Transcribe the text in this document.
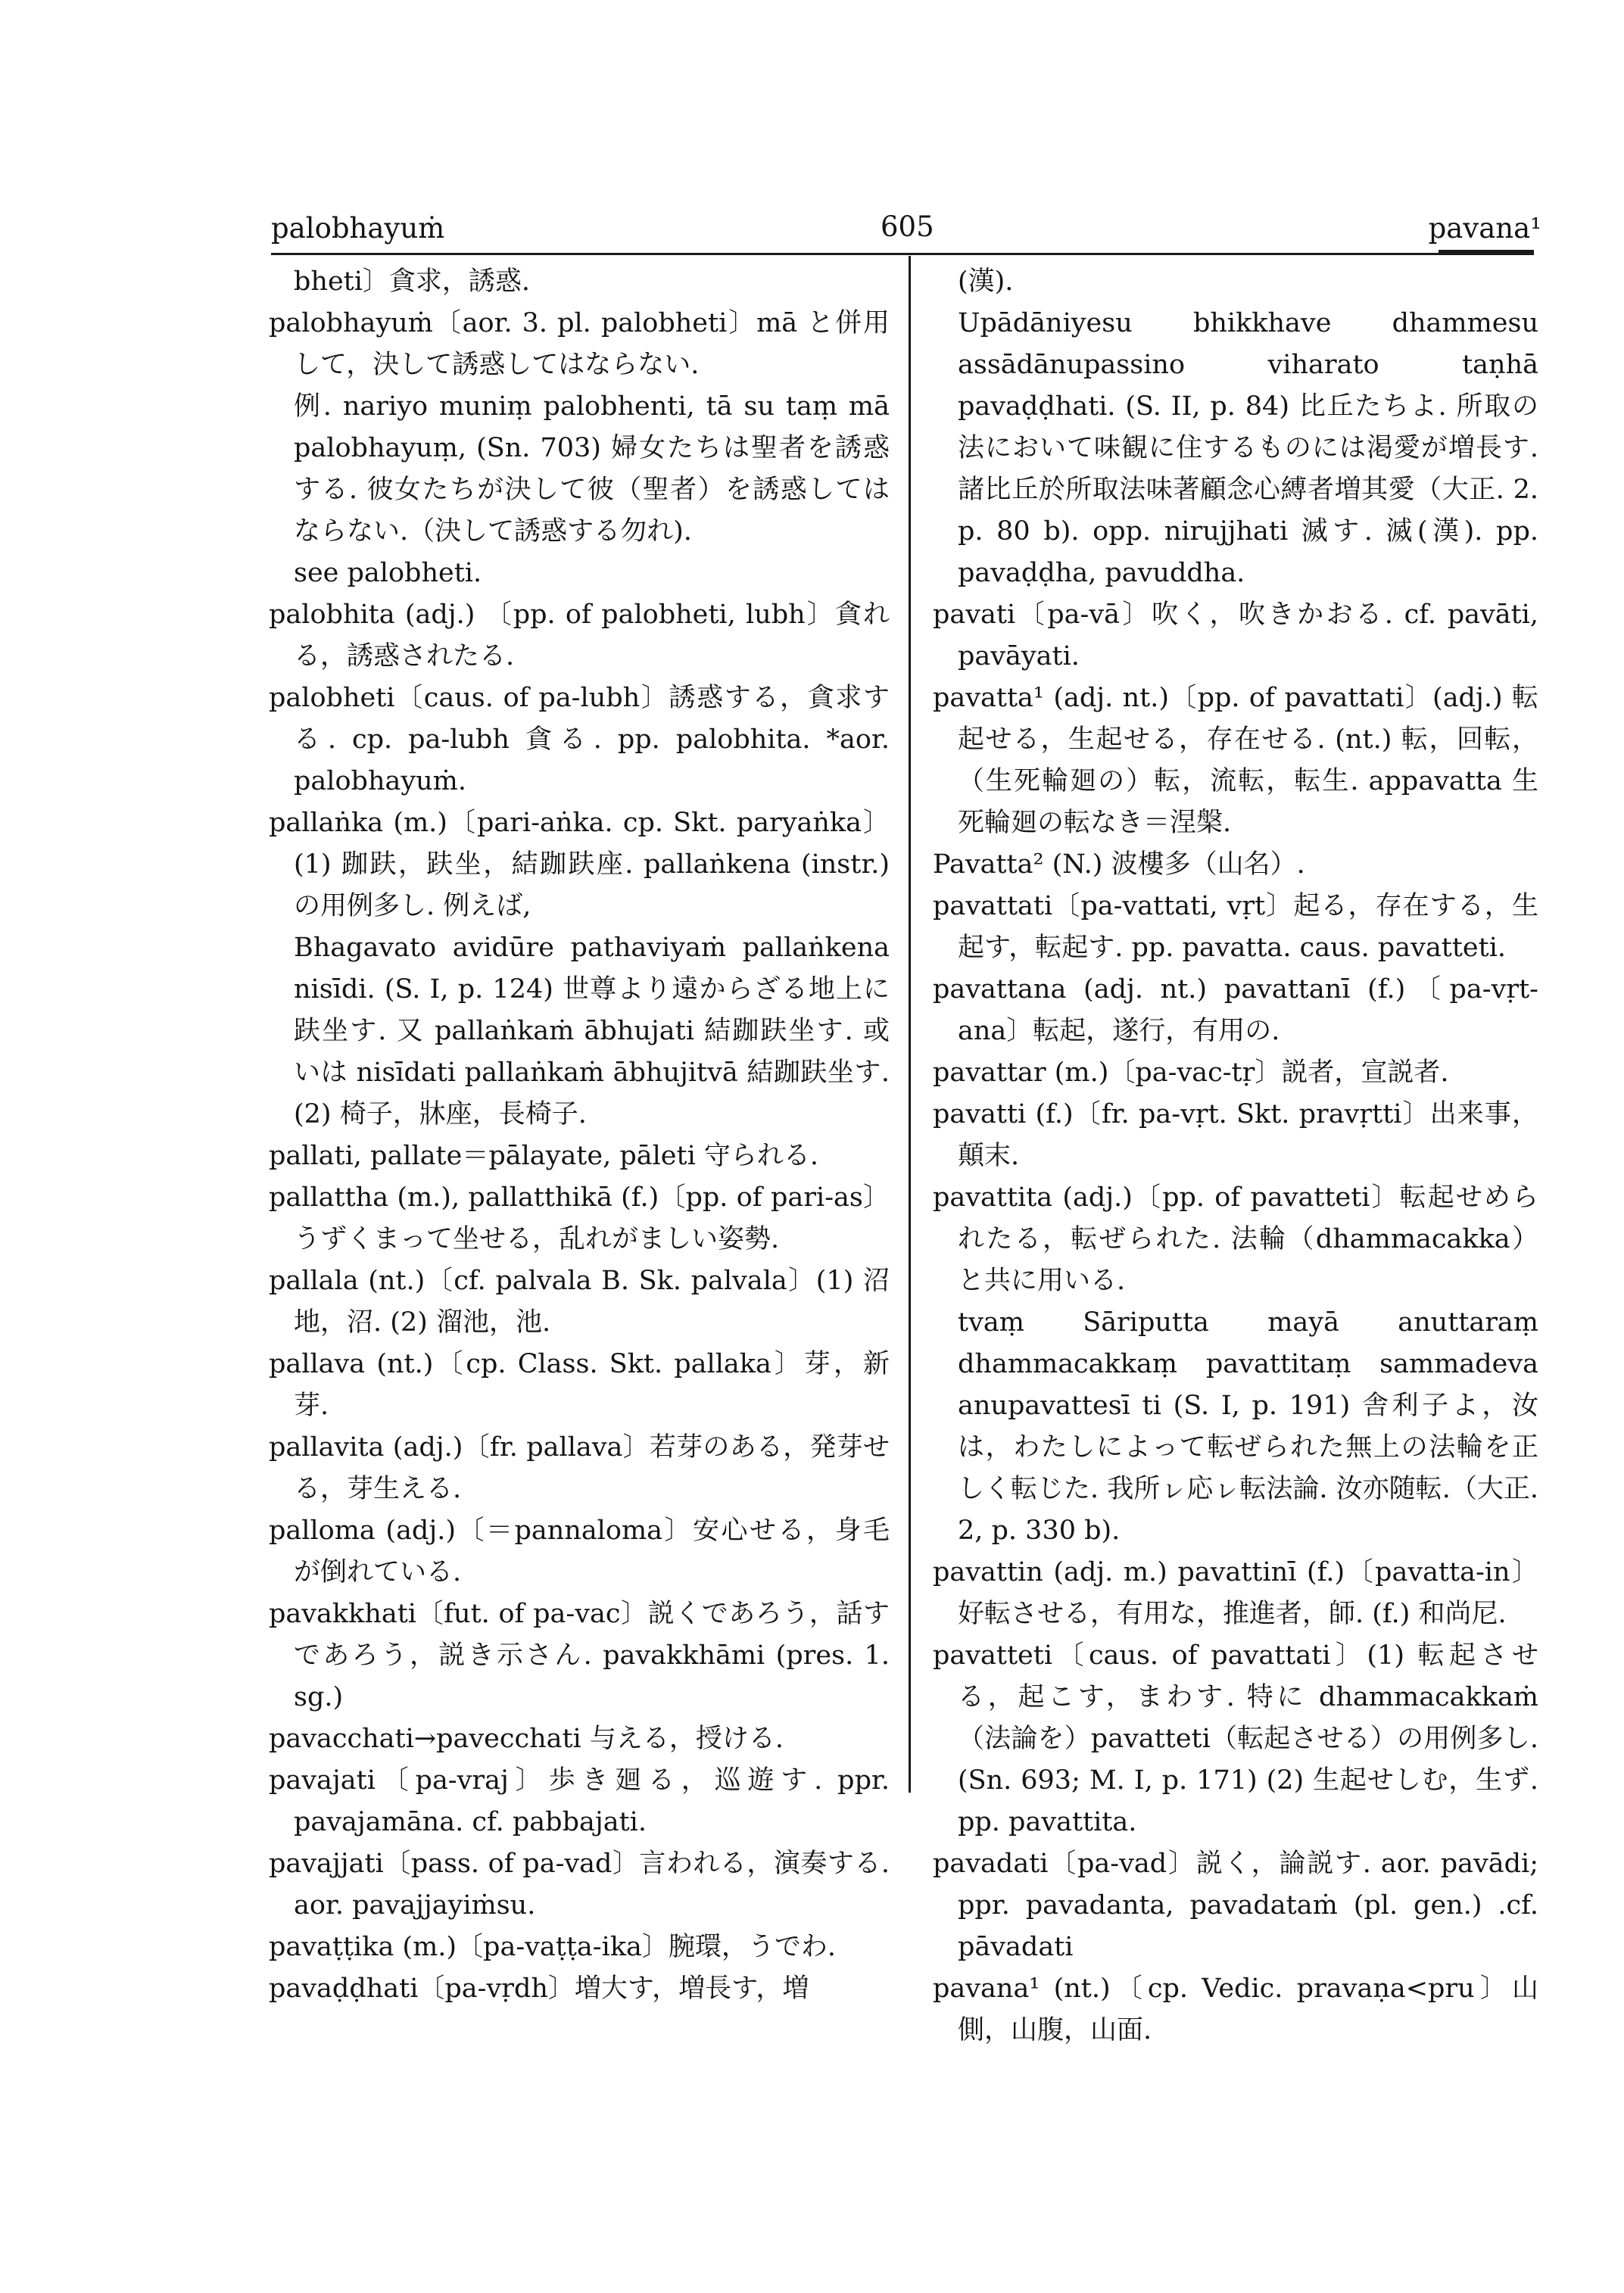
palobhayuṁ	605	pavana¹

bheti〕貪求，誘惑.

palobhayuṁ〔aor. 3. pl. palobheti〕mā と併用して，決して誘惑してはならない.

例. nariyo muniṃ palobhenti, tā su taṃ mā palobhayuṃ, (Sn. 703) 婦女たちは聖者を誘惑する. 彼女たちが決して彼（聖者）を誘惑してはならない.（決して誘惑する勿れ).

see palobheti.

palobhita (adj.) 〔pp. of palobheti, lubh〕貪れる，誘惑されたる.

palobheti〔caus. of pa-lubh〕誘惑する，貪求する. cp. pa-lubh 貪る. pp. palobhita. *aor. palobhayuṁ.

pallaṅka (m.)〔pari-aṅka. cp. Skt. paryaṅka〕(1) 跏趺，趺坐，結跏趺座. pallaṅkena (instr.) の用例多し. 例えば,

Bhagavato avidūre pathaviyaṁ pallaṅkena nisīdi. (S. I, p. 124) 世尊より遠からざる地上に趺坐す. 又 pallaṅkaṁ ābhujati 結跏趺坐す. 或いは nisīdati pallaṅkaṁ ābhujitvā 結跏趺坐す. (2) 椅子，牀座，長椅子.

pallati, pallate＝pālayate, pāleti 守られる.

pallattha (m.), pallatthikā (f.)〔pp. of pari-as〕うずくまって坐せる，乱れがましい姿勢.

pallala (nt.)〔cf. palvala B. Sk. palvala〕(1) 沼地，沼. (2) 溜池，池.

pallava (nt.)〔cp. Class. Skt. pallaka〕芽，新芽.

pallavita (adj.)〔fr. pallava〕若芽のある，発芽せる，芽生える.

palloma (adj.)〔＝pannaloma〕安心せる，身毛が倒れている.

pavakkhati〔fut. of pa-vac〕説くであろう，話すであろう，説き示さん. pavakkhāmi (pres. 1. sg.)

pavacchati→pavecchati 与える，授ける.

pavajati〔pa-vraj〕歩き廻る，巡遊す. ppr. pavajamāna. cf. pabbajati.

pavajjati〔pass. of pa-vad〕言われる，演奏する. aor. pavajjayiṁsu.

pavaṭṭika (m.)〔pa-vaṭṭa-ika〕腕環，うでわ.

pavaḍḍhati〔pa-vṛdh〕増大す，増長す，増

(漢).

Upādāniyesu bhikkhave dhammesu assādānupassino viharato taṇhā pavaḍḍhati. (S. II, p. 84) 比丘たちよ. 所取の法において味観に住するものには渇愛が増長す. 諸比丘於所取法味著顧念心縛者増其愛（大正. 2. p. 80 b). opp. nirujjhati 滅す. 滅(漢). pp. pavaḍḍha, pavuddha.

pavati〔pa-vā〕吹く，吹きかおる. cf. pavāti, pavāyati.

pavatta¹ (adj. nt.)〔pp. of pavattati〕(adj.) 転起せる，生起せる，存在せる. (nt.) 転，回転，（生死輪廻の）転，流転，転生. appavatta 生死輪廻の転なき＝涅槃.

Pavatta² (N.) 波樓多（山名）.

pavattati〔pa-vattati, vṛt〕起る，存在する，生起す，転起す. pp. pavatta. caus. pavatteti.

pavattana (adj. nt.) pavattanī (f.)〔pa-vṛt-ana〕転起，遂行，有用の.

pavattar (m.)〔pa-vac-tṛ〕説者，宣説者.

pavatti (f.)〔fr. pa-vṛt. Skt. pravṛtti〕出来事，顛末.

pavattita (adj.)〔pp. of pavatteti〕転起せめられたる，転ぜられた. 法輪（dhammacakka）と共に用いる.

tvaṃ Sāriputta mayā anuttaraṃ dhammacakkaṃ pavattitaṃ sammadeva anupavattesī ti (S. I, p. 191) 舎利子よ，汝は，わたしによって転ぜられた無上の法輪を正しく転じた. 我所ㇾ応ㇾ転法論. 汝亦随転.（大正. 2, p. 330 b).

pavattin (adj. m.) pavattinī (f.)〔pavatta-in〕好転させる，有用な，推進者，師. (f.) 和尚尼.

pavatteti〔caus. of pavattati〕(1) 転起させる，起こす，まわす. 特に dhammacakkaṁ（法論を）pavatteti（転起させる）の用例多し. (Sn. 693; M. I, p. 171) (2) 生起せしむ，生ず. pp. pavattita.

pavadati〔pa-vad〕説く，論説す. aor. pavādi; ppr. pavadanta, pavadataṁ (pl. gen.) .cf. pāvadati

pavana¹ (nt.)〔cp. Vedic. pravaṇa<pru〕山側，山腹，山面.
